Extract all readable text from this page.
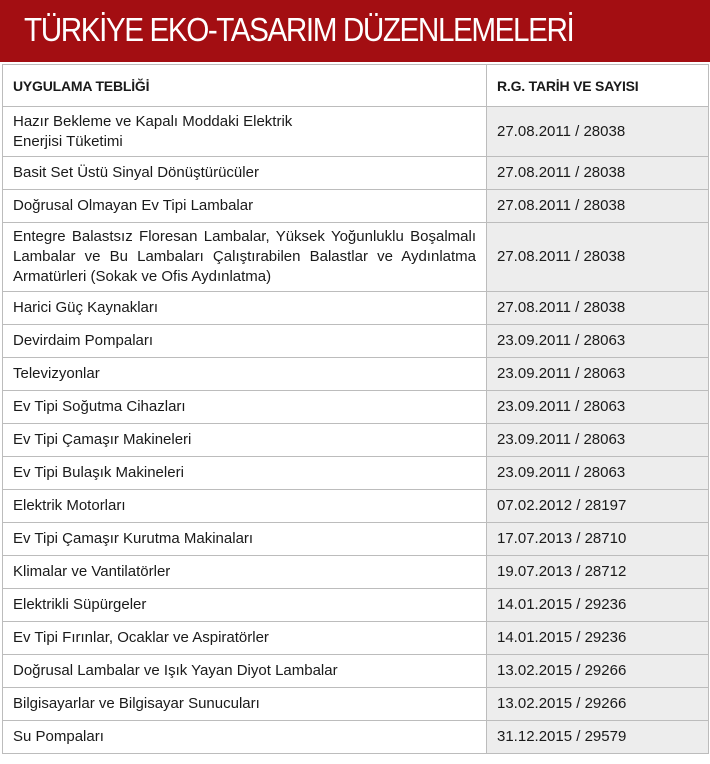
TÜRKİYE EKO-TASARIM DÜZENLEMELERİ
UYGULAMA TEBLİĞİ	R.G. TARİH VE SAYISI
Hazır Bekleme ve Kapalı Moddaki Elektrik Enerjisi Tüketimi	27.08.2011 / 28038
Basit Set Üstü Sinyal Dönüştürücüler	27.08.2011 / 28038
Doğrusal Olmayan Ev Tipi Lambalar	27.08.2011 / 28038
Entegre Balastsız Floresan Lambalar, Yüksek Yoğunluklu Boşalmalı Lambalar ve Bu Lambaları Çalıştırabilen Balastlar ve Aydınlatma Armatürleri (Sokak ve Ofis Aydınlatma)	27.08.2011 / 28038
Harici Güç Kaynakları	27.08.2011 / 28038
Devirdaim Pompaları	23.09.2011 / 28063
Televizyonlar	23.09.2011 / 28063
Ev Tipi Soğutma Cihazları	23.09.2011 / 28063
Ev Tipi Çamaşır Makineleri	23.09.2011 / 28063
Ev Tipi Bulaşık Makineleri	23.09.2011 / 28063
Elektrik Motorları	07.02.2012 / 28197
Ev Tipi Çamaşır Kurutma Makinaları	17.07.2013 / 28710
Klimalar ve Vantilatörler	19.07.2013 / 28712
Elektrikli Süpürgeler	14.01.2015 / 29236
Ev Tipi Fırınlar, Ocaklar ve Aspiratörler	14.01.2015 / 29236
Doğrusal Lambalar ve Işık Yayan Diyot Lambalar	13.02.2015 / 29266
Bilgisayarlar ve Bilgisayar Sunucuları	13.02.2015 / 29266
Su Pompaları	31.12.2015 / 29579
